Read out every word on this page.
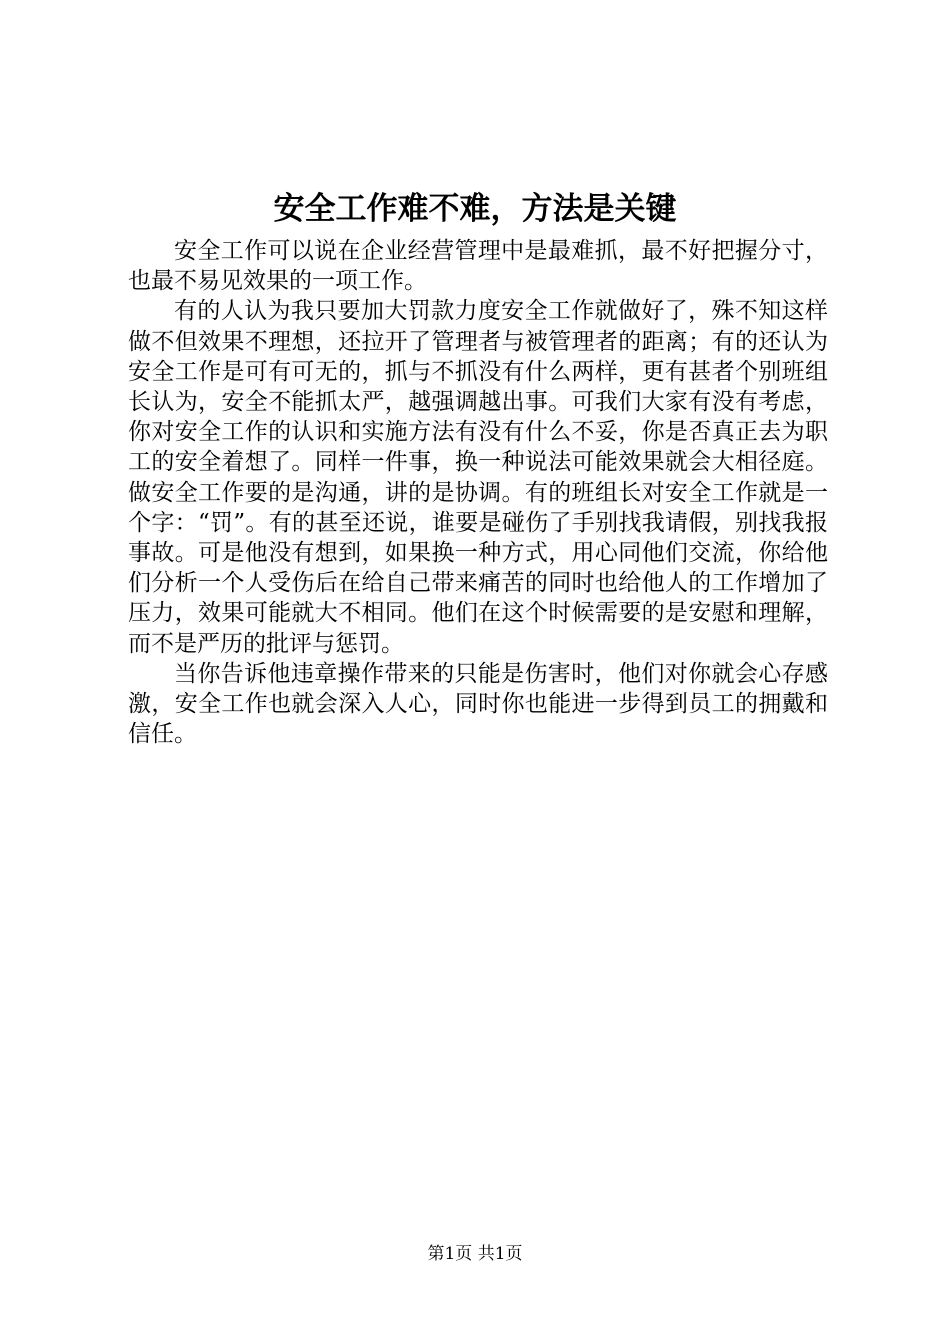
安全工作难不难，方法是关键

安全工作可以说在企业经营管理中是最难抓，最不好把握分寸，也最不易见效果的一项工作。

有的人认为我只要加大罚款力度安全工作就做好了，殊不知这样做不但效果不理想，还拉开了管理者与被管理者的距离；有的还认为安全工作是可有可无的，抓与不抓没有什么两样，更有甚者个别班组长认为，安全不能抓太严，越强调越出事。可我们大家有没有考虑，你对安全工作的认识和实施方法有没有什么不妥，你是否真正去为职工的安全着想了。同样一件事，换一种说法可能效果就会大相径庭。做安全工作要的是沟通，讲的是协调。有的班组长对安全工作就是一个字：“罚”。有的甚至还说，谁要是碰伤了手别找我请假，别找我报事故。可是他没有想到，如果换一种方式，用心同他们交流，你给他们分析一个人受伤后在给自己带来痛苦的同时也给他人的工作增加了压力，效果可能就大不相同。他们在这个时候需要的是安慰和理解，而不是严历的批评与惩罚。

当你告诉他违章操作带来的只能是伤害时，他们对你就会心存感激，安全工作也就会深入人心，同时你也能进一步得到员工的拥戴和信任。

第1页 共1页
